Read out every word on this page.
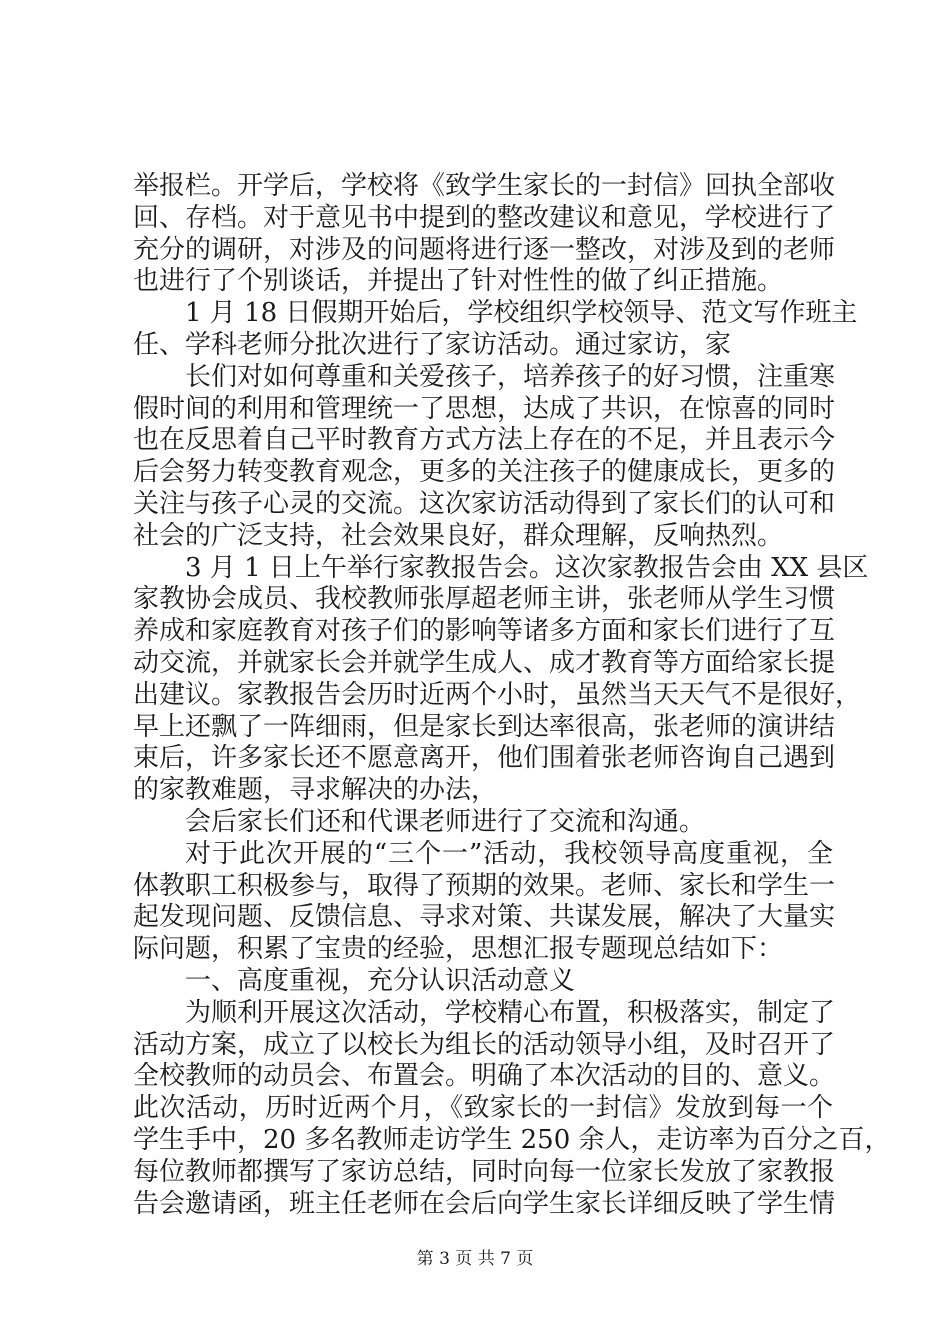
举报栏。开学后，学校将《致学生家长的一封信》回执全部收
回、存档。对于意见书中提到的整改建议和意见，学校进行了
充分的调研，对涉及的问题将进行逐一整改，对涉及到的老师
也进行了个别谈话，并提出了针对性性的做了纠正措施。
1 月 18 日假期开始后，学校组织学校领导、范文写作班主
任、学科老师分批次进行了家访活动。通过家访，家
长们对如何尊重和关爱孩子，培养孩子的好习惯，注重寒
假时间的利用和管理统一了思想，达成了共识，在惊喜的同时
也在反思着自己平时教育方式方法上存在的不足，并且表示今
后会努力转变教育观念，更多的关注孩子的健康成长，更多的
关注与孩子心灵的交流。这次家访活动得到了家长们的认可和
社会的广泛支持，社会效果良好，群众理解，反响热烈。
3 月 1 日上午举行家教报告会。这次家教报告会由 XX 县区
家教协会成员、我校教师张厚超老师主讲，张老师从学生习惯
养成和家庭教育对孩子们的影响等诸多方面和家长们进行了互
动交流，并就家长会并就学生成人、成才教育等方面给家长提
出建议。家教报告会历时近两个小时，虽然当天天气不是很好，
早上还飘了一阵细雨，但是家长到达率很高，张老师的演讲结
束后，许多家长还不愿意离开，他们围着张老师咨询自己遇到
的家教难题，寻求解决的办法，
会后家长们还和代课老师进行了交流和沟通。
对于此次开展的“三个一”活动，我校领导高度重视，全
体教职工积极参与，取得了预期的效果。老师、家长和学生一
起发现问题、反馈信息、寻求对策、共谋发展，解决了大量实
际问题，积累了宝贵的经验，思想汇报专题现总结如下：
一、高度重视，充分认识活动意义
为顺利开展这次活动，学校精心布置，积极落实，制定了
活动方案，成立了以校长为组长的活动领导小组，及时召开了
全校教师的动员会、布置会。明确了本次活动的目的、意义。
此次活动，历时近两个月，《致家长的一封信》发放到每一个
学生手中，20 多名教师走访学生 250 余人，走访率为百分之百，
每位教师都撰写了家访总结，同时向每一位家长发放了家教报
告会邀请函，班主任老师在会后向学生家长详细反映了学生情
第 3 页 共 7 页
